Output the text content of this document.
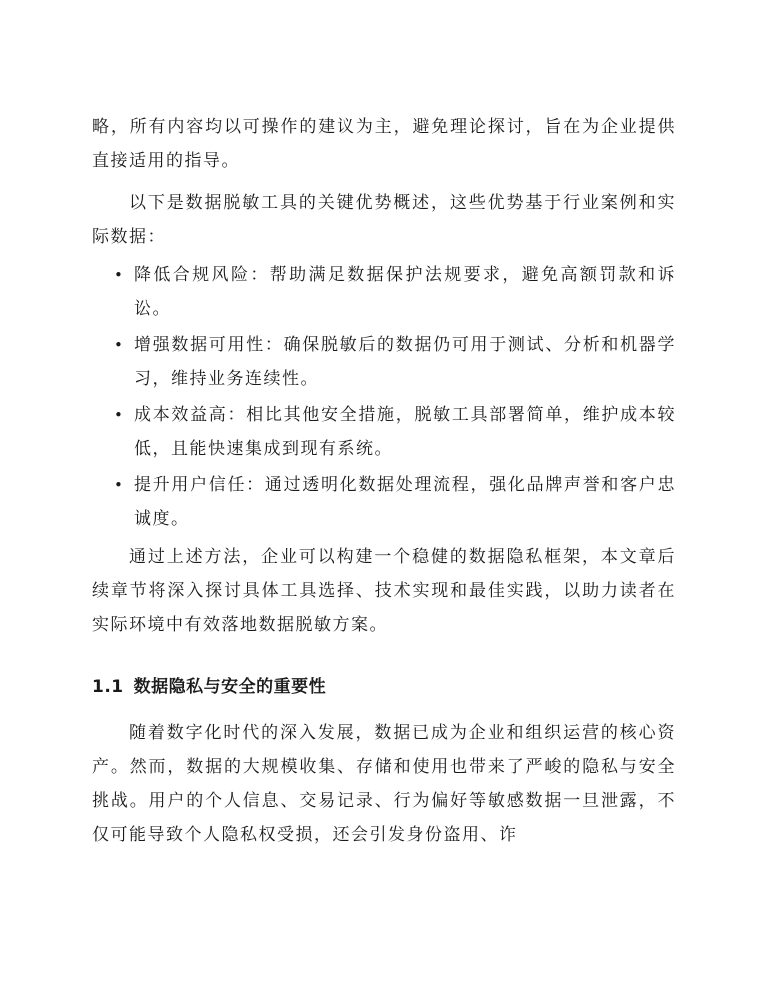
略，所有内容均以可操作的建议为主，避免理论探讨，旨在为企业提供直接适用的指导。

以下是数据脱敏工具的关键优势概述，这些优势基于行业案例和实际数据：

• 降低合规风险：帮助满足数据保护法规要求，避免高额罚款和诉讼。
• 增强数据可用性：确保脱敏后的数据仍可用于测试、分析和机器学习，维持业务连续性。
• 成本效益高：相比其他安全措施，脱敏工具部署简单，维护成本较低，且能快速集成到现有系统。
• 提升用户信任：通过透明化数据处理流程，强化品牌声誉和客户忠诚度。

通过上述方法，企业可以构建一个稳健的数据隐私框架，本文章后续章节将深入探讨具体工具选择、技术实现和最佳实践，以助力读者在实际环境中有效落地数据脱敏方案。

1.1 数据隐私与安全的重要性

随着数字化时代的深入发展，数据已成为企业和组织运营的核心资产。然而，数据的大规模收集、存储和使用也带来了严峻的隐私与安全挑战。用户的个人信息、交易记录、行为偏好等敏感数据一旦泄露，不仅可能导致个人隐私权受损，还会引发身份盗用、诈
